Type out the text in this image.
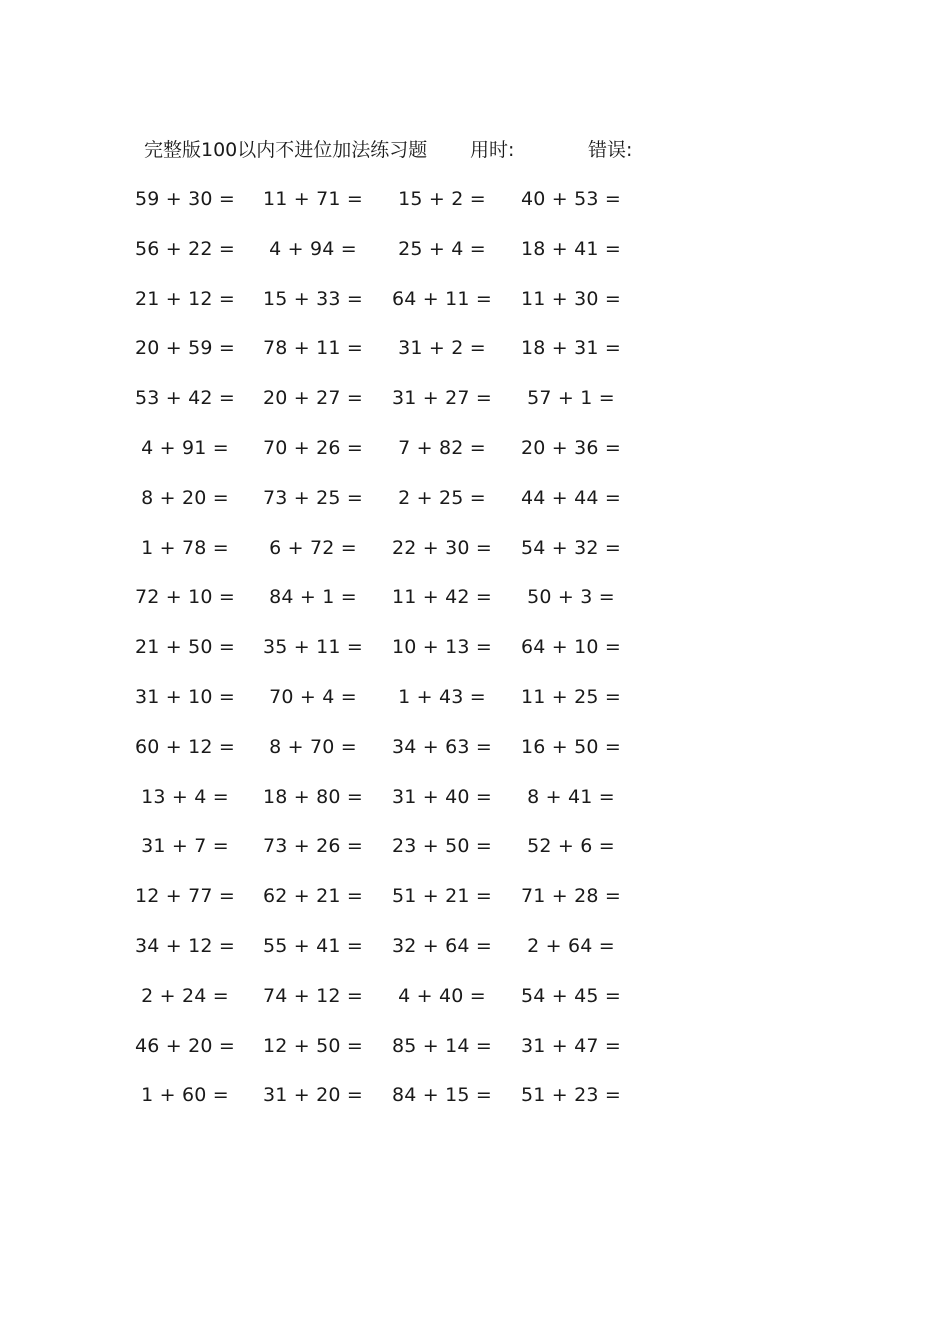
完整版100以内不进位加法练习题 用时:	错误:
59 + 30 =	11 + 71 =	15 + 2 =	40 + 53 =
56 + 22 =	4 + 94 =	25 + 4 =	18 + 41 =
21 + 12 =	15 + 33 =	64 + 11 =	11 + 30 =
20 + 59 =	78 + 11 =	31 + 2 =	18 + 31 =
53 + 42 =	20 + 27 =	31 + 27 =	57 + 1 =
4 + 91 =	70 + 26 =	7 + 82 =	20 + 36 =
8 + 20 =	73 + 25 =	2 + 25 =	44 + 44 =
1 + 78 =	6 + 72 =	22 + 30 =	54 + 32 =
72 + 10 =	84 + 1 =	11 + 42 =	50 + 3 =
21 + 50 =	35 + 11 =	10 + 13 =	64 + 10 =
31 + 10 =	70 + 4 =	1 + 43 =	11 + 25 =
60 + 12 =	8 + 70 =	34 + 63 =	16 + 50 =
13 + 4 =	18 + 80 =	31 + 40 =	8 + 41 =
31 + 7 =	73 + 26 =	23 + 50 =	52 + 6 =
12 + 77 =	62 + 21 =	51 + 21 =	71 + 28 =
34 + 12 =	55 + 41 =	32 + 64 =	2 + 64 =
2 + 24 =	74 + 12 =	4 + 40 =	54 + 45 =
46 + 20 =	12 + 50 =	85 + 14 =	31 + 47 =
1 + 60 =	31 + 20 =	84 + 15 =	51 + 23 =
